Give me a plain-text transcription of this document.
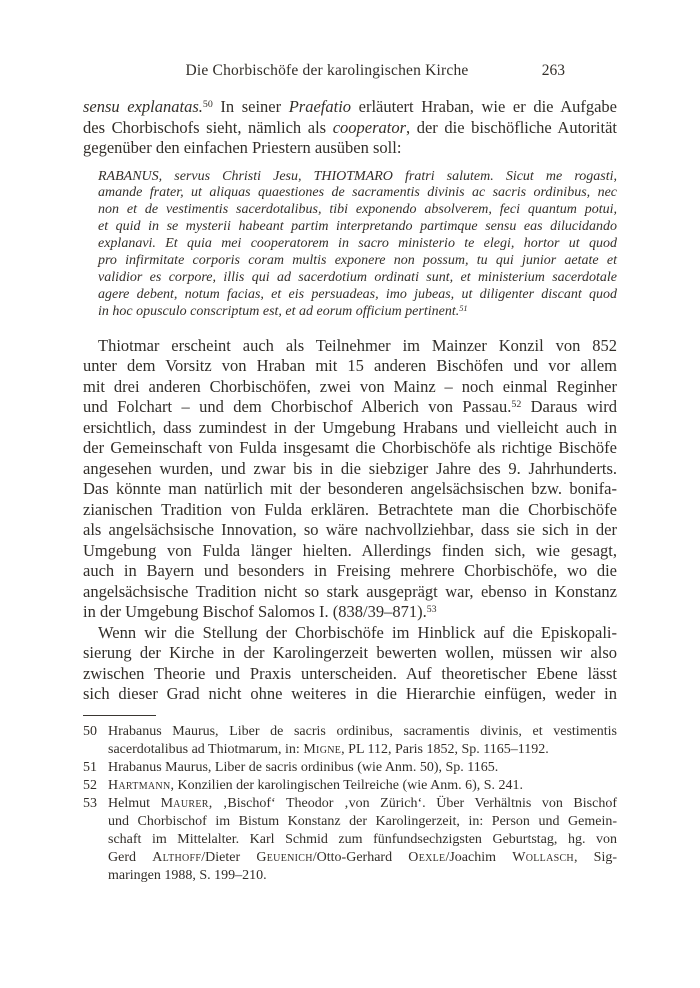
Die Chorbischöfe der karolingischen Kirche	263
sensu explanatas.$^{50}$ In seiner Praefatio erläutert Hraban, wie er die Aufgabe
des Chorbischofs sieht, nämlich als cooperator, der die bischöfliche Autorität
gegenüber den einfachen Priestern ausüben soll:
RABANUS, servus Christi Jesu, THIOTMARO fratri salutem. Sicut me rogasti,
amande frater, ut aliquas quaestiones de sacramentis divinis ac sacris ordinibus, nec
non et de vestimentis sacerdotalibus, tibi exponendo absolverem, feci quantum potui,
et quid in se mysterii habeant partim interpretando partimque sensu eas dilucidando
explanavi. Et quia mei cooperatorem in sacro ministerio te elegi, hortor ut quod
pro infirmitate corporis coram multis exponere non possum, tu qui junior aetate et
validior es corpore, illis qui ad sacerdotium ordinati sunt, et ministerium sacerdotale
agere debent, notum facias, et eis persuadeas, imo jubeas, ut diligenter discant quod
in hoc opusculo conscriptum est, et ad eorum officium pertinent.$^{51}$
Thiotmar erscheint auch als Teilnehmer im Mainzer Konzil von 852
unter dem Vorsitz von Hraban mit 15 anderen Bischöfen und vor allem
mit drei anderen Chorbischöfen, zwei von Mainz – noch einmal Reginher
und Folchart – und dem Chorbischof Alberich von Passau.$^{52}$ Daraus wird
ersichtlich, dass zumindest in der Umgebung Hrabans und vielleicht auch in
der Gemeinschaft von Fulda insgesamt die Chorbischöfe als richtige Bischöfe
angesehen wurden, und zwar bis in die siebziger Jahre des 9. Jahrhunderts.
Das könnte man natürlich mit der besonderen angelsächsischen bzw. bonifa-
zianischen Tradition von Fulda erklären. Betrachtete man die Chorbischöfe
als angelsächsische Innovation, so wäre nachvollziehbar, dass sie sich in der
Umgebung von Fulda länger hielten. Allerdings finden sich, wie gesagt,
auch in Bayern und besonders in Freising mehrere Chorbischöfe, wo die
angelsächsische Tradition nicht so stark ausgeprägt war, ebenso in Konstanz
in der Umgebung Bischof Salomos I. (838/39–871).$^{53}$
Wenn wir die Stellung der Chorbischöfe im Hinblick auf die Episkopali-
sierung der Kirche in der Karolingerzeit bewerten wollen, müssen wir also
zwischen Theorie und Praxis unterscheiden. Auf theoretischer Ebene lässt
sich dieser Grad nicht ohne weiteres in die Hierarchie einfügen, weder in
50 Hrabanus Maurus, Liber de sacris ordinibus, sacramentis divinis, et vestimentis
sacerdotalibus ad Thiotmarum, in: Migne, PL 112, Paris 1852, Sp. 1165–1192.
51 Hrabanus Maurus, Liber de sacris ordinibus (wie Anm. 50), Sp. 1165.
52 Hartmann, Konzilien der karolingischen Teilreiche (wie Anm. 6), S. 241.
53 Helmut Maurer, ‚Bischof‘ Theodor ‚von Zürich‘. Über Verhältnis von Bischof
und Chorbischof im Bistum Konstanz der Karolingerzeit, in: Person und Gemein-
schaft im Mittelalter. Karl Schmid zum fünfundsechzigsten Geburtstag, hg. von
Gerd Althoff/Dieter Geuenich/Otto-Gerhard Oexle/Joachim Wollasch, Sig-
maringen 1988, S. 199–210.
